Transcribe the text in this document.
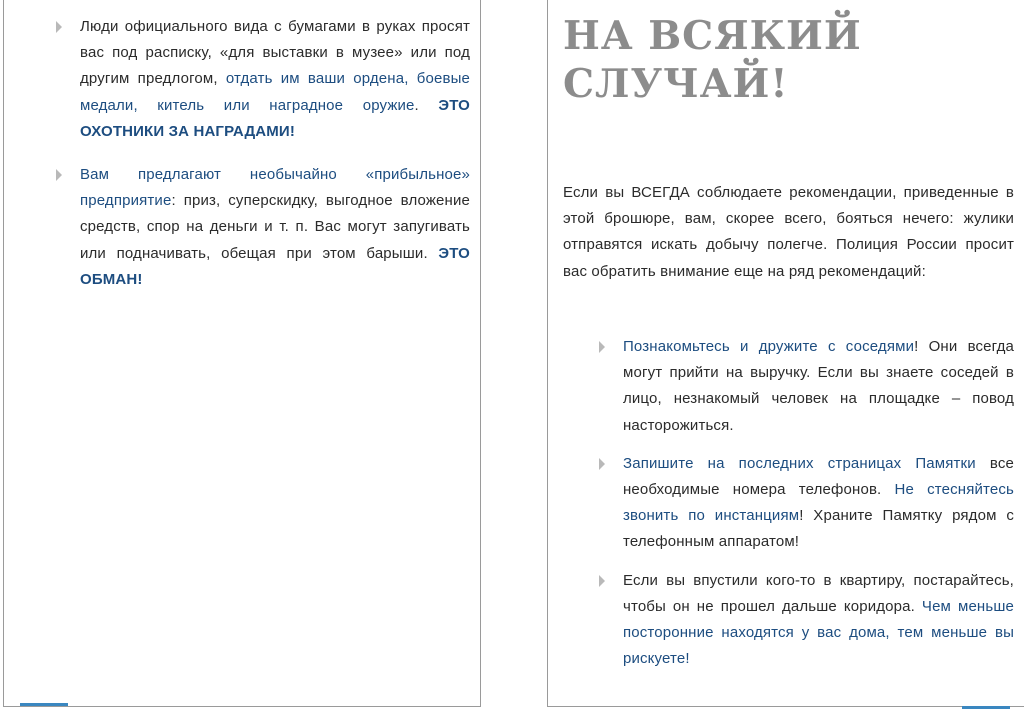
Люди официального вида с бумагами в руках просят вас под расписку, «для выставки в музее» или под другим предлогом, отдать им ваши ордена, боевые медали, китель или наградное оружие. ЭТО ОХОТНИКИ ЗА НАГРАДАМИ!
Вам предлагают необычайно «прибыльное» предприятие: приз, суперскидку, выгодное вложение средств, спор на деньги и т. п. Вас могут запугивать или подначивать, обещая при этом барыши. ЭТО ОБМАН!
НА ВСЯКИЙ
СЛУЧАЙ!

Если вы ВСЕГДА соблюдаете рекомендации, приведенные в этой брошюре, вам, скорее всего, бояться нечего: жулики отправятся искать добычу полегче. Полиция России просит вас обратить внимание еще на ряд рекомендаций:

Познакомьтесь и дружите с соседями! Они всегда могут прийти на выручку. Если вы знаете соседей в лицо, незнакомый человек на площадке – повод насторожиться.
Запишите на последних страницах Памятки все необходимые номера телефонов. Не стесняйтесь звонить по инстанциям! Храните Памятку рядом с телефонным аппаратом!
Если вы впустили кого-то в квартиру, постарайтесь, чтобы он не прошел дальше коридора. Чем меньше посторонние находятся у вас дома, тем меньше вы рискуете!
